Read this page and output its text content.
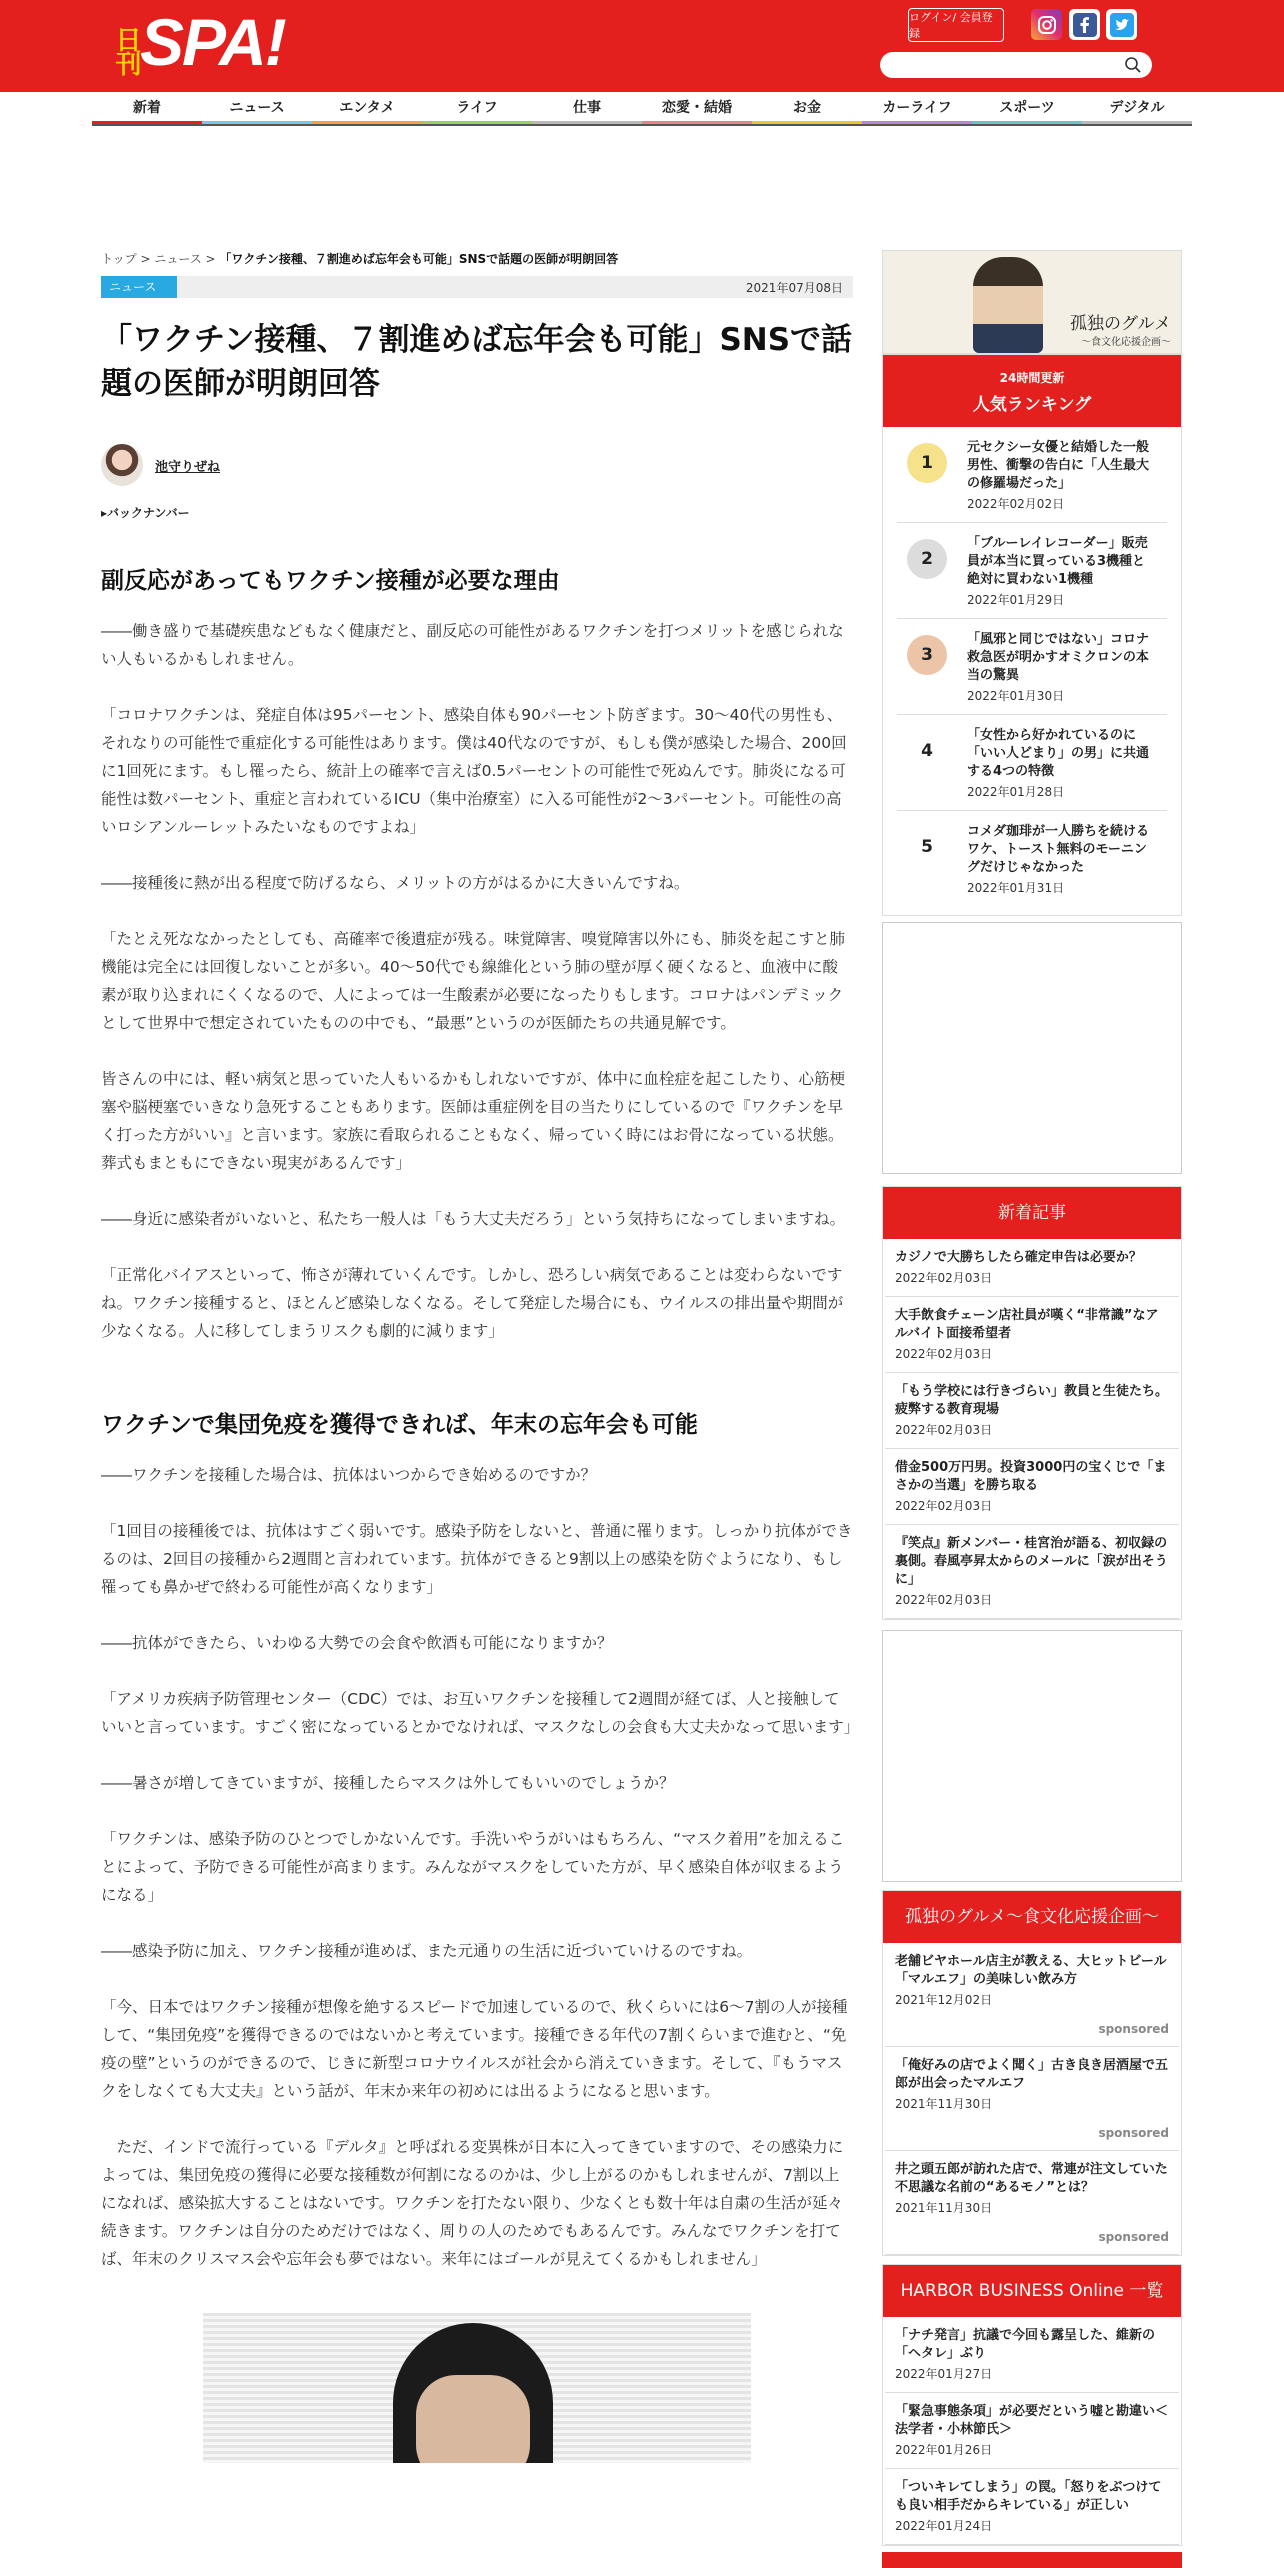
日刊 SPA!	ログイン/ 会員登録
新着	ニュース	エンタメ	ライフ	仕事	恋愛・結婚	お金	カーライフ	スポーツ	デジタル
トップ > ニュース > 「ワクチン接種、７割進めば忘年会も可能」SNSで話題の医師が明朗回答
ニュース	2021年07月08日
「ワクチン接種、７割進めば忘年会も可能」SNSで話題の医師が明朗回答
池守りぜね
▸バックナンバー
副反応があってもワクチン接種が必要な理由

――働き盛りで基礎疾患などもなく健康だと、副反応の可能性があるワクチンを打つメリットを感じられない人もいるかもしれません。

「コロナワクチンは、発症自体は95パーセント、感染自体も90パーセント防ぎます。30〜40代の男性も、それなりの可能性で重症化する可能性はあります。僕は40代なのですが、もしも僕が感染した場合、200回に1回死にます。もし罹ったら、統計上の確率で言えば0.5パーセントの可能性で死ぬんです。肺炎になる可能性は数パーセント、重症と言われているICU（集中治療室）に入る可能性が2〜3パーセント。可能性の高いロシアンルーレットみたいなものですよね」

――接種後に熱が出る程度で防げるなら、メリットの方がはるかに大きいんですね。

「たとえ死ななかったとしても、高確率で後遺症が残る。味覚障害、嗅覚障害以外にも、肺炎を起こすと肺機能は完全には回復しないことが多い。40〜50代でも線維化という肺の壁が厚く硬くなると、血液中に酸素が取り込まれにくくなるので、人によっては一生酸素が必要になったりもします。コロナはパンデミックとして世界中で想定されていたものの中でも、“最悪”というのが医師たちの共通見解です。

皆さんの中には、軽い病気と思っていた人もいるかもしれないですが、体中に血栓症を起こしたり、心筋梗塞や脳梗塞でいきなり急死することもあります。医師は重症例を目の当たりにしているので『ワクチンを早く打った方がいい』と言います。家族に看取られることもなく、帰っていく時にはお骨になっている状態。葬式もまともにできない現実があるんです」

――身近に感染者がいないと、私たち一般人は「もう大丈夫だろう」という気持ちになってしまいますね。

「正常化バイアスといって、怖さが薄れていくんです。しかし、恐ろしい病気であることは変わらないですね。ワクチン接種すると、ほとんど感染しなくなる。そして発症した場合にも、ウイルスの排出量や期間が少なくなる。人に移してしまうリスクも劇的に減ります」

ワクチンで集団免疫を獲得できれば、年末の忘年会も可能

――ワクチンを接種した場合は、抗体はいつからでき始めるのですか？

「1回目の接種後では、抗体はすごく弱いです。感染予防をしないと、普通に罹ります。しっかり抗体ができるのは、2回目の接種から2週間と言われています。抗体ができると9割以上の感染を防ぐようになり、もし罹っても鼻かぜで終わる可能性が高くなります」

――抗体ができたら、いわゆる大勢での会食や飲酒も可能になりますか？

「アメリカ疾病予防管理センター（CDC）では、お互いワクチンを接種して2週間が経てば、人と接触していいと言っています。すごく密になっているとかでなければ、マスクなしの会食も大丈夫かなって思います」

――暑さが増してきていますが、接種したらマスクは外してもいいのでしょうか？

「ワクチンは、感染予防のひとつでしかないんです。手洗いやうがいはもちろん、“マスク着用”を加えることによって、予防できる可能性が高まります。みんながマスクをしていた方が、早く感染自体が収まるようになる」

――感染予防に加え、ワクチン接種が進めば、また元通りの生活に近づいていけるのですね。

「今、日本ではワクチン接種が想像を絶するスピードで加速しているので、秋くらいには6〜7割の人が接種して、“集団免疫”を獲得できるのではないかと考えています。接種できる年代の7割くらいまで進むと、“免疫の壁”というのができるので、じきに新型コロナウイルスが社会から消えていきます。そして、『もうマスクをしなくても大丈夫』という話が、年末か来年の初めには出るようになると思います。

　ただ、インドで流行っている『デルタ』と呼ばれる変異株が日本に入ってきていますので、その感染力によっては、集団免疫の獲得に必要な接種数が何割になるのかは、少し上がるのかもしれませんが、7割以上になれば、感染拡大することはないです。ワクチンを打たない限り、少なくとも数十年は自粛の生活が延々続きます。ワクチンは自分のためだけではなく、周りの人のためでもあるんです。みんなでワクチンを打てば、年末のクリスマス会や忘年会も夢ではない。来年にはゴールが見えてくるかもしれません」

孤独のグルメ
〜食文化応援企画〜
24時間更新
人気ランキング
1
元セクシー女優と結婚した一般男性、衝撃の告白に「人生最大の修羅場だった」
2022年02月02日
2
「ブルーレイレコーダー」販売員が本当に買っている3機種と絶対に買わない1機種
2022年01月29日
3
「風邪と同じではない」コロナ救急医が明かすオミクロンの本当の驚異
2022年01月30日
4
「女性から好かれているのに「いい人どまり」の男」に共通する4つの特徴
2022年01月28日
5
コメダ珈琲が一人勝ちを続けるワケ、トースト無料のモーニングだけじゃなかった
2022年01月31日
新着記事
カジノで大勝ちしたら確定申告は必要か？
2022年02月03日
大手飲食チェーン店社員が嘆く“非常識”なアルバイト面接希望者
2022年02月03日
「もう学校には行きづらい」教員と生徒たち。疲弊する教育現場
2022年02月03日
借金500万円男。投資3000円の宝くじで「まさかの当選」を勝ち取る
2022年02月03日
『笑点』新メンバー・桂宮治が語る、初収録の裏側。春風亭昇太からのメールに「涙が出そうに」
2022年02月03日
孤独のグルメ～食文化応援企画～
老舗ビヤホール店主が教える、大ヒットビール「マルエフ」の美味しい飲み方
2021年12月02日
sponsored
「俺好みの店でよく聞く」古き良き居酒屋で五郎が出会ったマルエフ
2021年11月30日
sponsored
井之頭五郎が訪れた店で、常連が注文していた不思議な名前の“あるモノ”とは？
2021年11月30日
sponsored
HARBOR BUSINESS Online 一覧
「ナチ発言」抗議で今回も露呈した、維新の「ヘタレ」ぶり
2022年01月27日
「緊急事態条項」が必要だという嘘と勘違い＜法学者・小林節氏＞
2022年01月26日
「ついキレてしまう」の罠。「怒りをぶつけても良い相手だからキレている」が正しい
2022年01月24日
